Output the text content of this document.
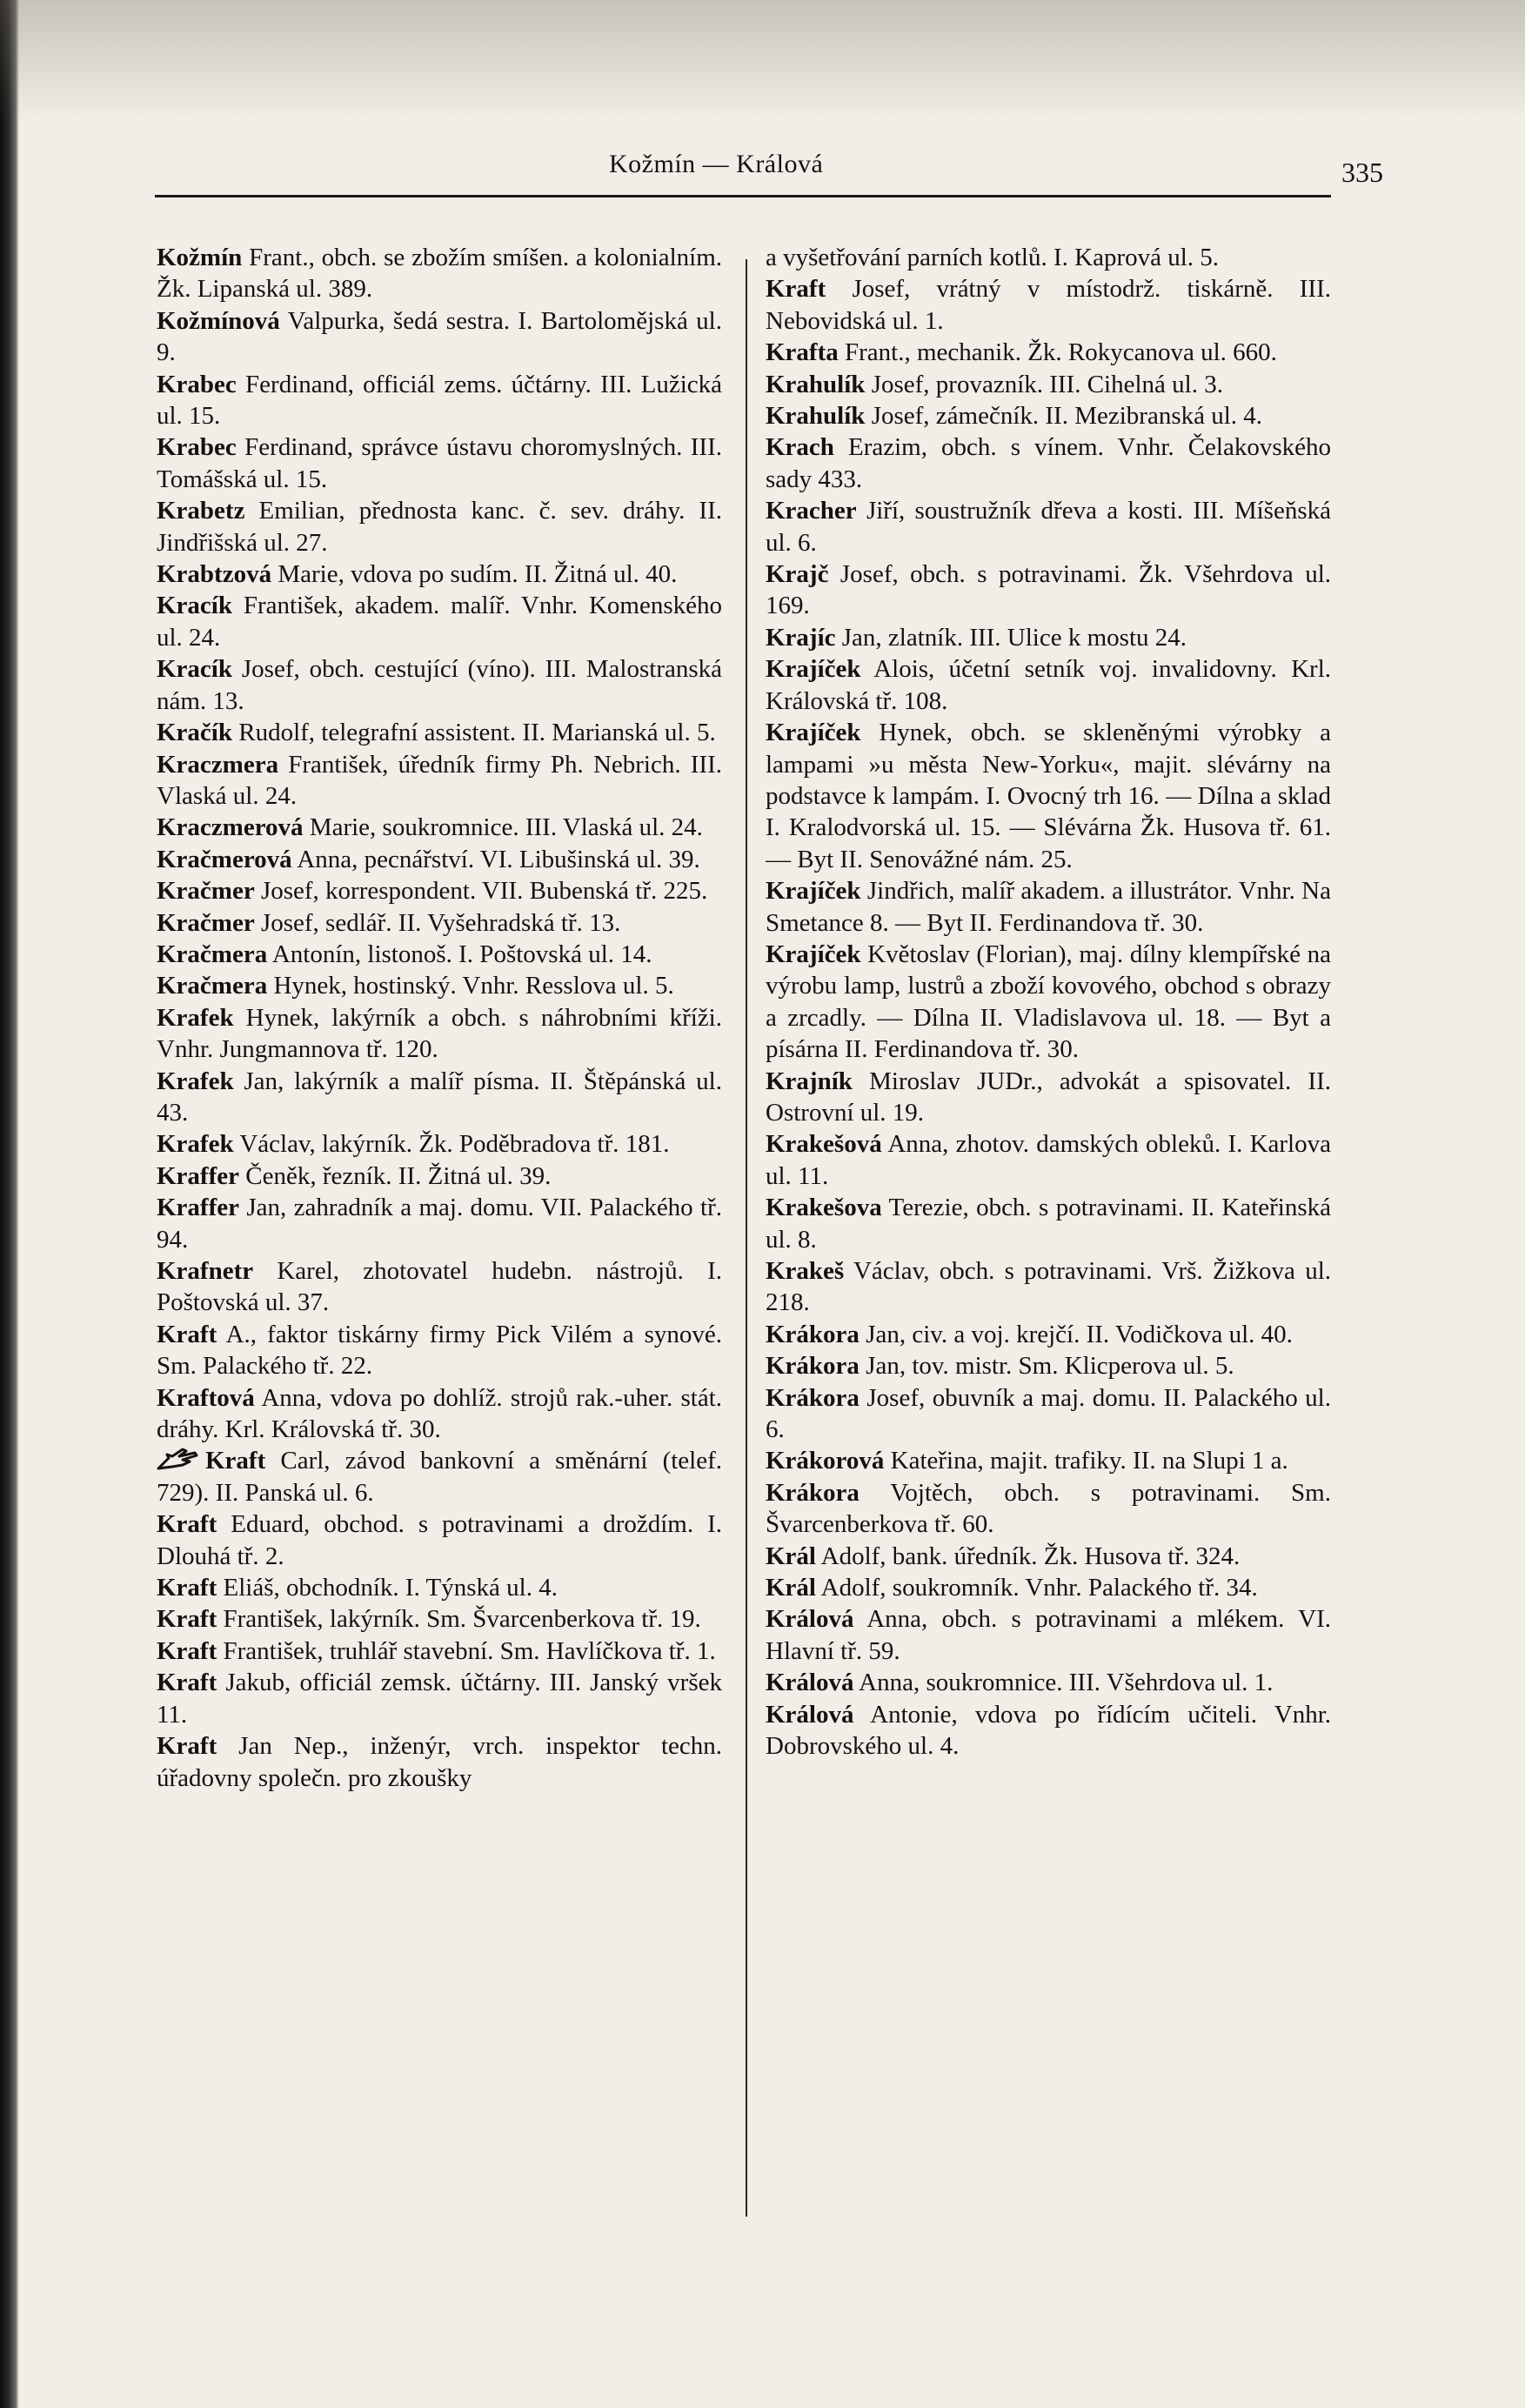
Kožmín — Králová	335
Kožmín Frant., obch. se zbožím smíšen. a kolonialním. Žk. Lipanská ul. 389.
Kožmínová Valpurka, šedá sestra. I. Bartolomějská ul. 9.
Krabec Ferdinand, officiál zems. účtárny. III. Lužická ul. 15.
Krabec Ferdinand, správce ústavu choromyslných. III. Tomášská ul. 15.
Krabetz Emilian, přednosta kanc. č. sev. dráhy. II. Jindřišská ul. 27.
Krabtzová Marie, vdova po sudím. II. Žitná ul. 40.
Kracík František, akadem. malíř. Vnhr. Komenského ul. 24.
Kracík Josef, obch. cestující (víno). III. Malostranská nám. 13.
Kračík Rudolf, telegrafní assistent. II. Marianská ul. 5.
Kraczmera František, úředník firmy Ph. Nebrich. III. Vlaská ul. 24.
Kraczmerová Marie, soukromnice. III. Vlaská ul. 24.
Kračmerová Anna, pecnářství. VI. Libušinská ul. 39.
Kračmer Josef, korrespondent. VII. Bubenská tř. 225.
Kračmer Josef, sedlář. II. Vyšehradská tř. 13.
Kračmera Antonín, listonoš. I. Poštovská ul. 14.
Kračmera Hynek, hostinský. Vnhr. Resslova ul. 5.
Krafek Hynek, lakýrník a obch. s náhrobními kříži. Vnhr. Jungmannova tř. 120.
Krafek Jan, lakýrník a malíř písma. II. Štěpánská ul. 43.
Krafek Václav, lakýrník. Žk. Poděbradova tř. 181.
Kraffer Čeněk, řezník. II. Žitná ul. 39.
Kraffer Jan, zahradník a maj. domu. VII. Palackého tř. 94.
Krafnetr Karel, zhotovatel hudebn. nástrojů. I. Poštovská ul. 37.
Kraft A., faktor tiskárny firmy Pick Vilém a synové. Sm. Palackého tř. 22.
Kraftová Anna, vdova po dohlíž. strojů rak.-uher. stát. dráhy. Krl. Královská tř. 30.
Kraft Carl, závod bankovní a směnární (telef. 729). II. Panská ul. 6.
Kraft Eduard, obchod. s potravinami a droždím. I. Dlouhá tř. 2.
Kraft Eliáš, obchodník. I. Týnská ul. 4.
Kraft František, lakýrník. Sm. Švarcenberkova tř. 19.
Kraft František, truhlář stavební. Sm. Havlíčkova tř. 1.
Kraft Jakub, officiál zemsk. účtárny. III. Janský vršek 11.
Kraft Jan Nep., inženýr, vrch. inspektor techn. úřadovny společn. pro zkoušky
a vyšetřování parních kotlů. I. Kaprová ul. 5.
Kraft Josef, vrátný v místodrž. tiskárně. III. Nebovidská ul. 1.
Krafta Frant., mechanik. Žk. Rokycanova ul. 660.
Krahulík Josef, provazník. III. Cihelná ul. 3.
Krahulík Josef, zámečník. II. Mezibranská ul. 4.
Krach Erazim, obch. s vínem. Vnhr. Čelakovského sady 433.
Kracher Jiří, soustružník dřeva a kosti. III. Míšeňská ul. 6.
Krajč Josef, obch. s potravinami. Žk. Všehrdova ul. 169.
Krajíc Jan, zlatník. III. Ulice k mostu 24.
Krajíček Alois, účetní setník voj. invalidovny. Krl. Královská tř. 108.
Krajíček Hynek, obch. se skleněnými výrobky a lampami »u města New-Yorku«, majit. slévárny na podstavce k lampám. I. Ovocný trh 16. — Dílna a sklad I. Kralodvorská ul. 15. — Slévárna Žk. Husova tř. 61. — Byt II. Senovážné nám. 25.
Krajíček Jindřich, malíř akadem. a illustrátor. Vnhr. Na Smetance 8. — Byt II. Ferdinandova tř. 30.
Krajíček Květoslav (Florian), maj. dílny klempířské na výrobu lamp, lustrů a zboží kovového, obchod s obrazy a zrcadly. — Dílna II. Vladislavova ul. 18. — Byt a písárna II. Ferdinandova tř. 30.
Krajník Miroslav JUDr., advokát a spisovatel. II. Ostrovní ul. 19.
Krakešová Anna, zhotov. damských obleků. I. Karlova ul. 11.
Krakešova Terezie, obch. s potravinami. II. Kateřinská ul. 8.
Krakeš Václav, obch. s potravinami. Vrš. Žižkova ul. 218.
Krákora Jan, civ. a voj. krejčí. II. Vodičkova ul. 40.
Krákora Jan, tov. mistr. Sm. Klicperova ul. 5.
Krákora Josef, obuvník a maj. domu. II. Palackého ul. 6.
Krákorová Kateřina, majit. trafiky. II. na Slupi 1 a.
Krákora Vojtěch, obch. s potravinami. Sm. Švarcenberkova tř. 60.
Král Adolf, bank. úředník. Žk. Husova tř. 324.
Král Adolf, soukromník. Vnhr. Palackého tř. 34.
Králová Anna, obch. s potravinami a mlékem. VI. Hlavní tř. 59.
Králová Anna, soukromnice. III. Všehrdova ul. 1.
Králová Antonie, vdova po řídícím učiteli. Vnhr. Dobrovského ul. 4.
